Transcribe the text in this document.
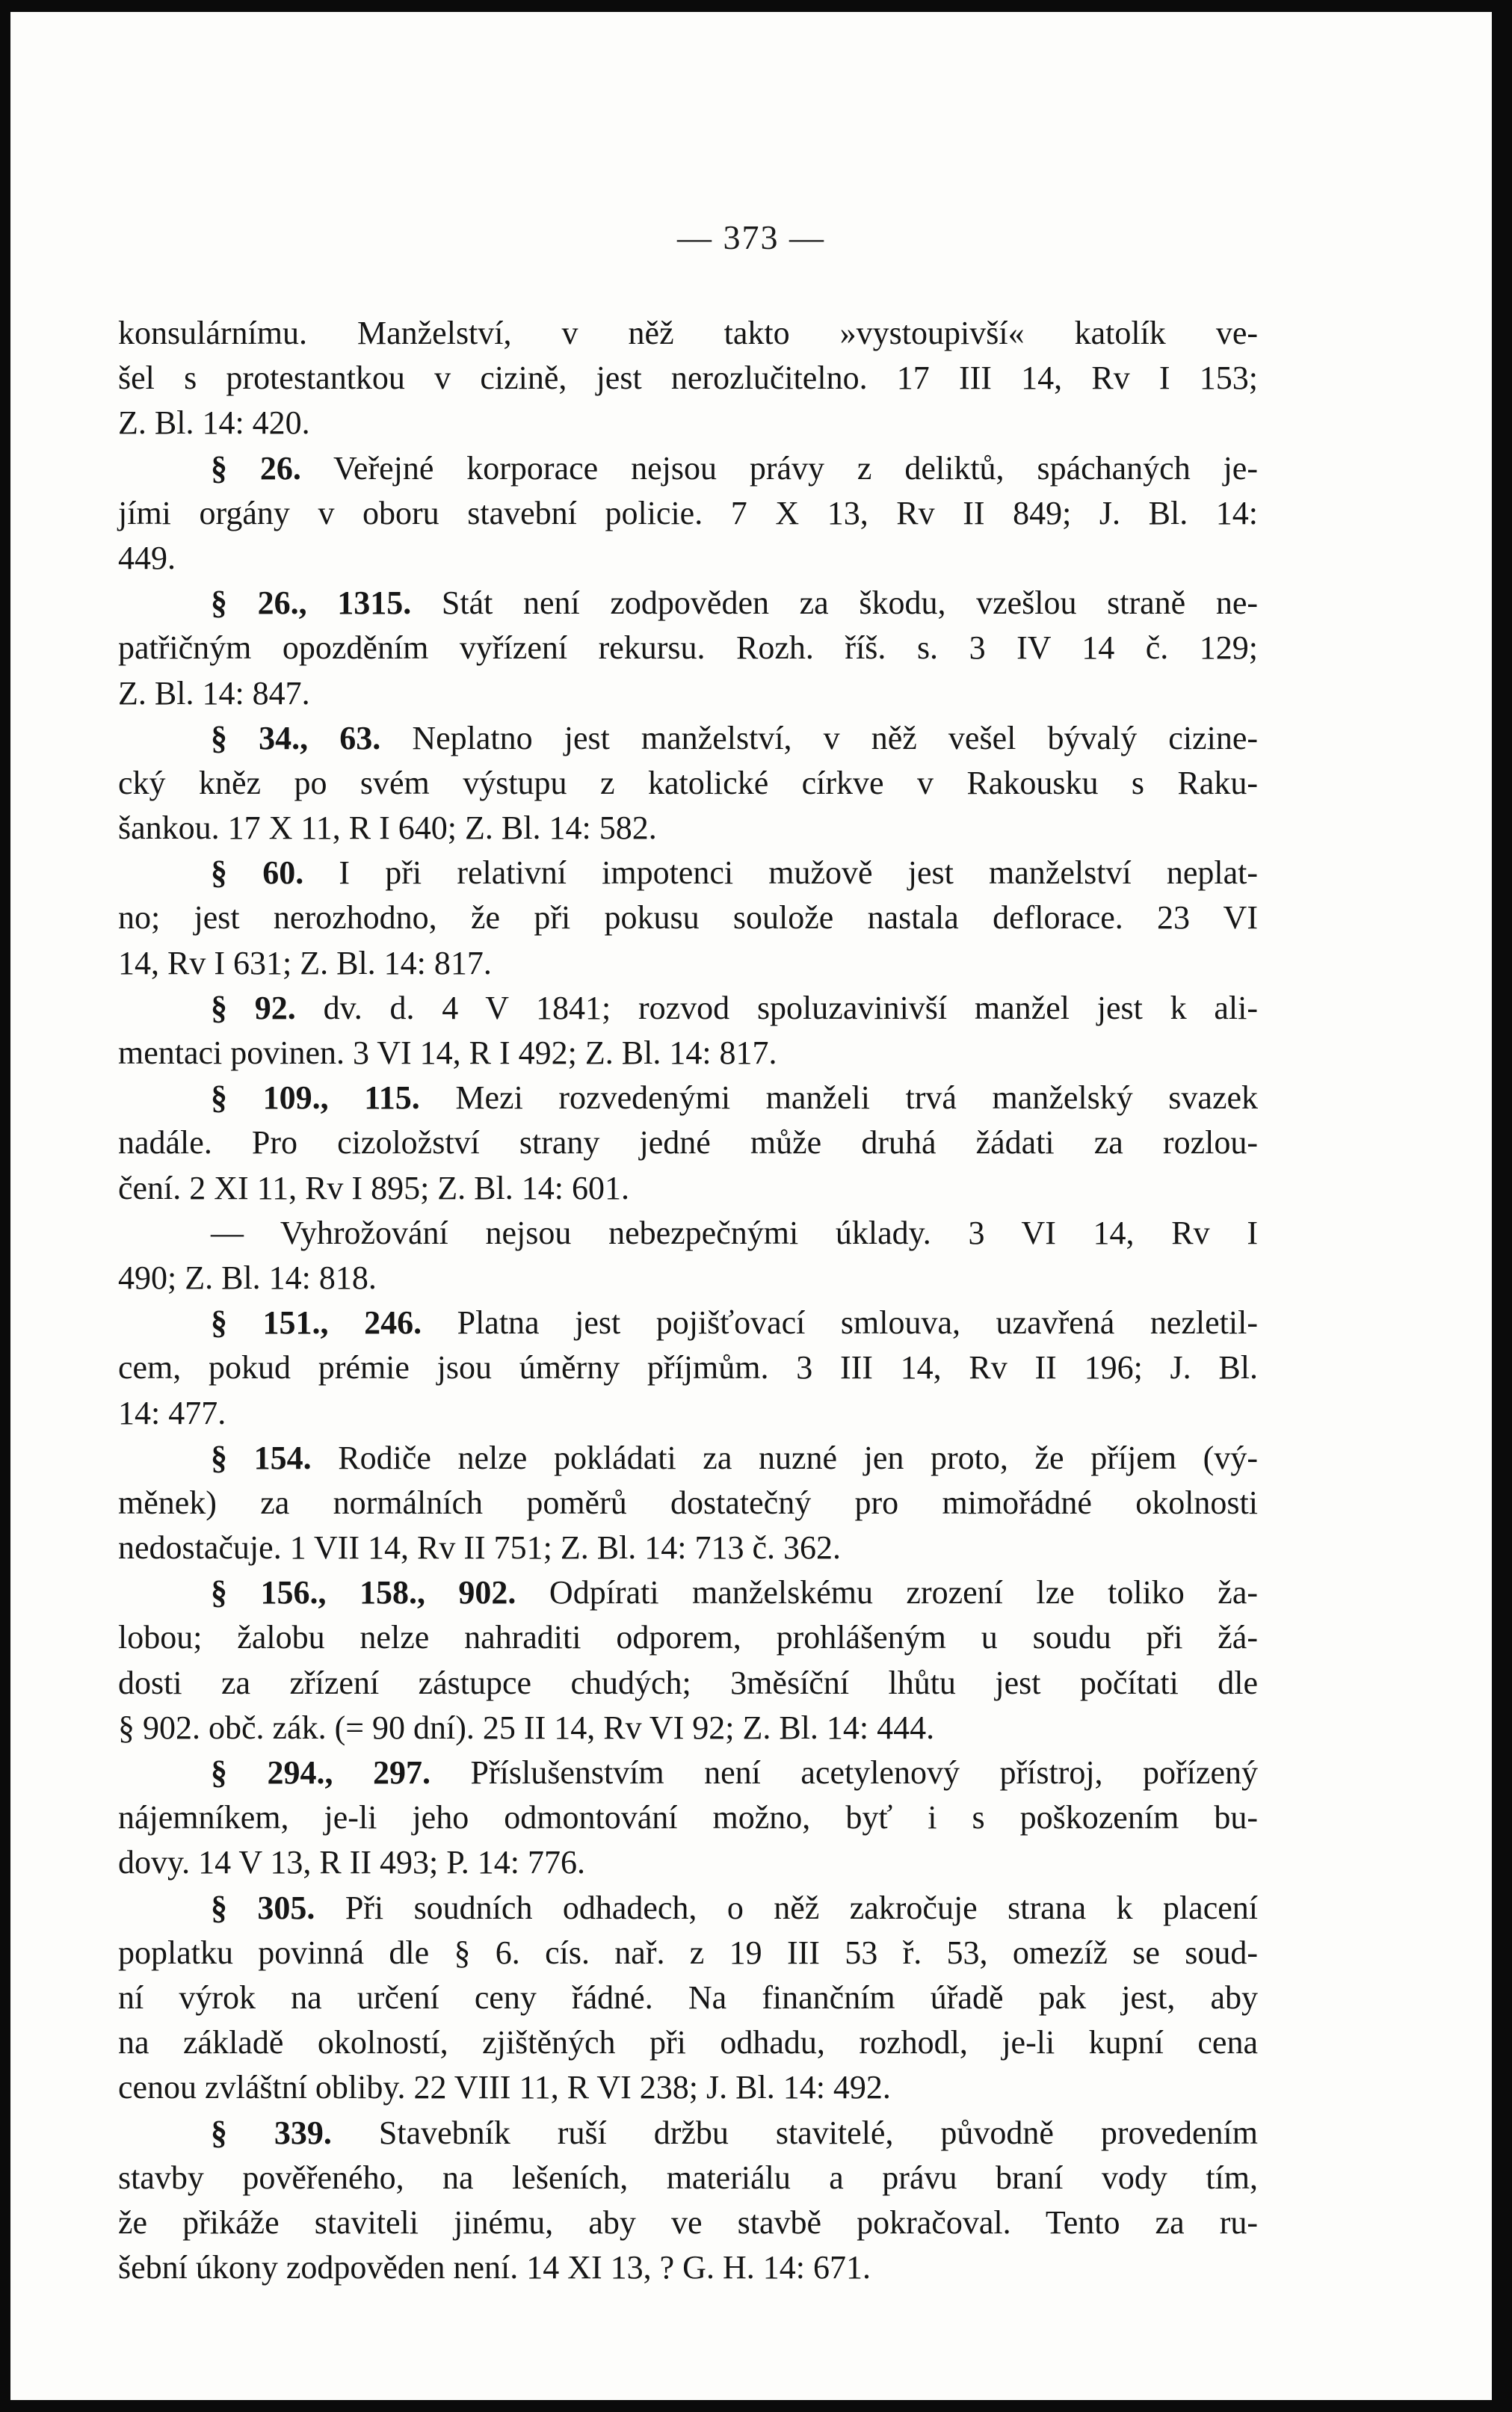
— 373 —
konsulárnímu. Manželství, v něž takto »vystoupivší« katolík ve-
šel s protestantkou v cizině, jest nerozlučitelno. 17 III 14, Rv I 153;
Z. Bl. 14: 420.
§ 26. Veřejné korporace nejsou právy z deliktů, spáchaných je-
jími orgány v oboru stavební policie. 7 X 13, Rv II 849; J. Bl. 14:
449.
§ 26., 1315. Stát není zodpověden za škodu, vzešlou straně ne-
patřičným opozděním vyřízení rekursu. Rozh. říš. s. 3 IV 14 č. 129;
Z. Bl. 14: 847.
§ 34., 63. Neplatno jest manželství, v něž vešel bývalý cizine-
cký kněz po svém výstupu z katolické církve v Rakousku s Raku-
šankou. 17 X 11, R I 640; Z. Bl. 14: 582.
§ 60. I při relativní impotenci mužově jest manželství neplat-
no; jest nerozhodno, že při pokusu soulože nastala deflorace. 23 VI
14, Rv I 631; Z. Bl. 14: 817.
§ 92. dv. d. 4 V 1841; rozvod spoluzavinivší manžel jest k ali-
mentaci povinen. 3 VI 14, R I 492; Z. Bl. 14: 817.
§ 109., 115. Mezi rozvedenými manželi trvá manželský svazek
nadále. Pro cizoložství strany jedné může druhá žádati za rozlou-
čení. 2 XI 11, Rv I 895; Z. Bl. 14: 601.
— Vyhrožování nejsou nebezpečnými úklady. 3 VI 14, Rv I
490; Z. Bl. 14: 818.
§ 151., 246. Platna jest pojišťovací smlouva, uzavřená nezletil-
cem, pokud prémie jsou úměrny příjmům. 3 III 14, Rv II 196; J. Bl.
14: 477.
§ 154. Rodiče nelze pokládati za nuzné jen proto, že příjem (vý-
měnek) za normálních poměrů dostatečný pro mimořádné okolnosti
nedostačuje. 1 VII 14, Rv II 751; Z. Bl. 14: 713 č. 362.
§ 156., 158., 902. Odpírati manželskému zrození lze toliko ža-
lobou; žalobu nelze nahraditi odporem, prohlášeným u soudu při žá-
dosti za zřízení zástupce chudých; 3měsíční lhůtu jest počítati dle
§ 902. obč. zák. (= 90 dní). 25 II 14, Rv VI 92; Z. Bl. 14: 444.
§ 294., 297. Příslušenstvím není acetylenový přístroj, pořízený
nájemníkem, je-li jeho odmontování možno, byť i s poškozením bu-
dovy. 14 V 13, R II 493; P. 14: 776.
§ 305. Při soudních odhadech, o něž zakročuje strana k placení
poplatku povinná dle § 6. cís. nař. z 19 III 53 ř. 53, omezíž se soud-
ní výrok na určení ceny řádné. Na finančním úřadě pak jest, aby
na základě okolností, zjištěných při odhadu, rozhodl, je-li kupní cena
cenou zvláštní obliby. 22 VIII 11, R VI 238; J. Bl. 14: 492.
§ 339. Stavebník ruší držbu stavitelé, původně provedením
stavby pověřeného, na lešeních, materiálu a právu braní vody tím,
že přikáže staviteli jinému, aby ve stavbě pokračoval. Tento za ru-
šební úkony zodpověden není. 14 XI 13, ? G. H. 14: 671.
